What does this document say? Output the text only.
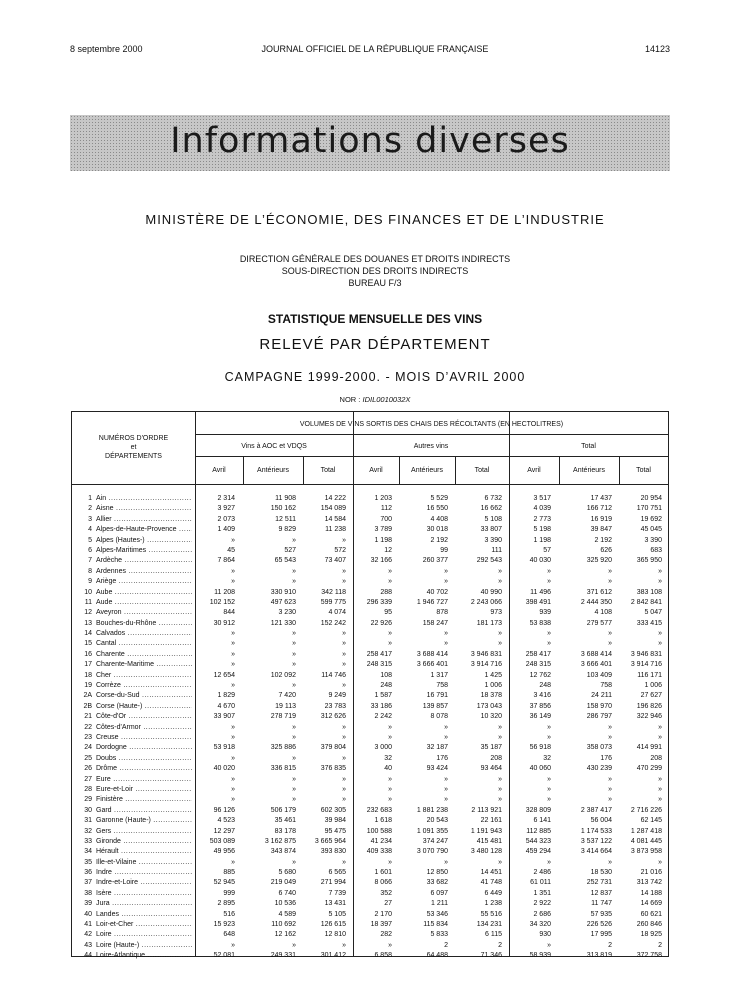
8 septembre 2000	JOURNAL OFFICIEL DE LA RÉPUBLIQUE FRANÇAISE	14123
Informations diverses
MINISTÈRE DE L’ÉCONOMIE, DES FINANCES ET DE L’INDUSTRIE
DIRECTION GÉNÉRALE DES DOUANES ET DROITS INDIRECTS
SOUS-DIRECTION DES DROITS INDIRECTS
BUREAU F/3
STATISTIQUE MENSUELLE DES VINS
RELEVÉ PAR DÉPARTEMENT
CAMPAGNE 1999-2000. - MOIS D’AVRIL 2000
NOR : IDIL0010032X
NUMÉROS D'ORDRE
et
DÉPARTEMENTS
VOLUMES DE VINS SORTIS DES CHAIS DES RÉCOLTANTS (EN HECTOLITRES)
Vins à AOC et VDQS	Autres vins	Total
Avril	Antérieurs	Total	Avril	Antérieurs	Total	Avril	Antérieurs	Total
1 Ain .....	2 314	11 908	14 222	1 203	5 529	6 732	3 517	17 437	20 954
2 Aisne .....	3 927	150 162	154 089	112	16 550	16 662	4 039	166 712	170 751
3 Allier .....	2 073	12 511	14 584	700	4 408	5 108	2 773	16 919	19 692
4 Alpes-de-Haute-Provence .....	1 409	9 829	11 238	3 789	30 018	33 807	5 198	39 847	45 045
5 Alpes (Hautes-) .....	»	»	»	1 198	2 192	3 390	1 198	2 192	3 390
6 Alpes-Maritimes .....	45	527	572	12	99	111	57	626	683
7 Ardèche .....	7 864	65 543	73 407	32 166	260 377	292 543	40 030	325 920	365 950
8 Ardennes .....	»	»	»	»	»	»	»	»	»
9 Ariège .....	»	»	»	»	»	»	»	»	»
10 Aube .....	11 208	330 910	342 118	288	40 702	40 990	11 496	371 612	383 108
11 Aude .....	102 152	497 623	599 775	296 339	1 946 727	2 243 066	398 491	2 444 350	2 842 841
12 Aveyron .....	844	3 230	4 074	95	878	973	939	4 108	5 047
13 Bouches-du-Rhône .....	30 912	121 330	152 242	22 926	158 247	181 173	53 838	279 577	333 415
14 Calvados .....	»	»	»	»	»	»	»	»	»
15 Cantal .....	»	»	»	»	»	»	»	»	»
16 Charente .....	»	»	»	258 417	3 688 414	3 946 831	258 417	3 688 414	3 946 831
17 Charente-Maritime .....	»	»	»	248 315	3 666 401	3 914 716	248 315	3 666 401	3 914 716
18 Cher .....	12 654	102 092	114 746	108	1 317	1 425	12 762	103 409	116 171
19 Corrèze .....	»	»	»	248	758	1 006	248	758	1 006
2A Corse-du-Sud .....	1 829	7 420	9 249	1 587	16 791	18 378	3 416	24 211	27 627
2B Corse (Haute-) .....	4 670	19 113	23 783	33 186	139 857	173 043	37 856	158 970	196 826
21 Côte-d'Or .....	33 907	278 719	312 626	2 242	8 078	10 320	36 149	286 797	322 946
22 Côtes-d'Armor .....	»	»	»	»	»	»	»	»	»
23 Creuse .....	»	»	»	»	»	»	»	»	»
24 Dordogne .....	53 918	325 886	379 804	3 000	32 187	35 187	56 918	358 073	414 991
25 Doubs .....	»	»	»	32	176	208	32	176	208
26 Drôme .....	40 020	336 815	376 835	40	93 424	93 464	40 060	430 239	470 299
27 Eure .....	»	»	»	»	»	»	»	»	»
28 Eure-et-Loir .....	»	»	»	»	»	»	»	»	»
29 Finistère .....	»	»	»	»	»	»	»	»	»
30 Gard .....	96 126	506 179	602 305	232 683	1 881 238	2 113 921	328 809	2 387 417	2 716 226
31 Garonne (Haute-) .....	4 523	35 461	39 984	1 618	20 543	22 161	6 141	56 004	62 145
32 Gers .....	12 297	83 178	95 475	100 588	1 091 355	1 191 943	112 885	1 174 533	1 287 418
33 Gironde .....	503 089	3 162 875	3 665 964	41 234	374 247	415 481	544 323	3 537 122	4 081 445
34 Hérault .....	49 956	343 874	393 830	409 338	3 070 790	3 480 128	459 294	3 414 664	3 873 958
35 Ille-et-Vilaine .....	»	»	»	»	»	»	»	»	»
36 Indre .....	885	5 680	6 565	1 601	12 850	14 451	2 486	18 530	21 016
37 Indre-et-Loire .....	52 945	219 049	271 994	8 066	33 682	41 748	61 011	252 731	313 742
38 Isère .....	999	6 740	7 739	352	6 097	6 449	1 351	12 837	14 188
39 Jura .....	2 895	10 536	13 431	27	1 211	1 238	2 922	11 747	14 669
40 Landes .....	516	4 589	5 105	2 170	53 346	55 516	2 686	57 935	60 621
41 Loir-et-Cher .....	15 923	110 692	126 615	18 397	115 834	134 231	34 320	226 526	260 846
42 Loire .....	648	12 162	12 810	282	5 833	6 115	930	17 995	18 925
43 Loire (Haute-) .....	»	»	»	»	2	2	»	2	2
44 Loire-Atlantique .....	52 081	249 331	301 412	6 858	64 488	71 346	58 939	313 819	372 758
